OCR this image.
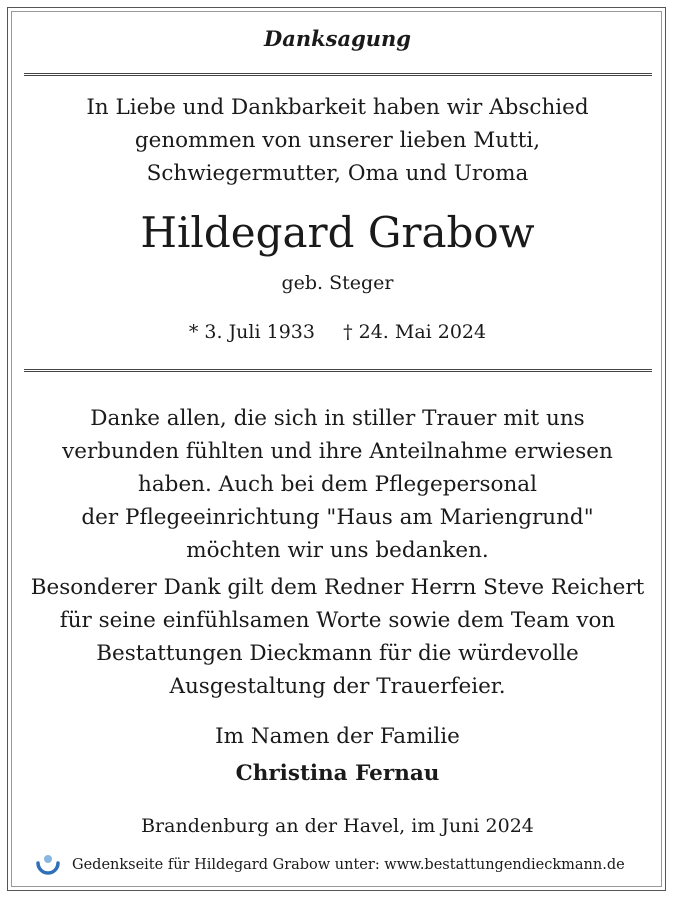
Danksagung
In Liebe und Dankbarkeit haben wir Abschied
genommen von unserer lieben Mutti,
Schwiegermutter, Oma und Uroma
Hildegard Grabow
geb. Steger
* 3. Juli 1933 † 24. Mai 2024
Danke allen, die sich in stiller Trauer mit uns
verbunden fühlten und ihre Anteilnahme erwiesen
haben. Auch bei dem Pflegepersonal
der Pflegeeinrichtung "Haus am Mariengrund"
möchten wir uns bedanken.
Besonderer Dank gilt dem Redner Herrn Steve Reichert
für seine einfühlsamen Worte sowie dem Team von
Bestattungen Dieckmann für die würdevolle
Ausgestaltung der Trauerfeier.
Im Namen der Familie
Christina Fernau
Brandenburg an der Havel, im Juni 2024
Gedenkseite für Hildegard Grabow unter: www.bestattungendieckmann.de
